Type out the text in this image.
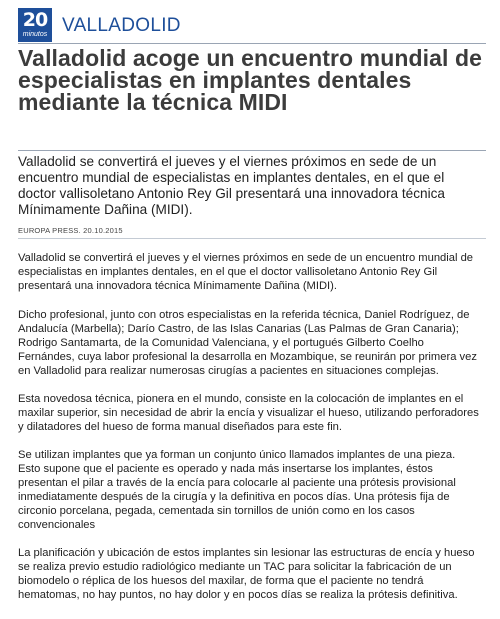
20
minutos VALLADOLID
Valladolid acoge un encuentro mundial de especialistas en implantes dentales mediante la técnica MIDI

Valladolid se convertirá el jueves y el viernes próximos en sede de un encuentro mundial de especialistas en implantes dentales, en el que el doctor vallisoletano Antonio Rey Gil presentará una innovadora técnica Mínimamente Dañina (MIDI).

EUROPA PRESS. 20.10.2015

Valladolid se convertirá el jueves y el viernes próximos en sede de un encuentro mundial de especialistas en implantes dentales, en el que el doctor vallisoletano Antonio Rey Gil presentará una innovadora técnica Mínimamente Dañina (MIDI).

Dicho profesional, junto con otros especialistas en la referida técnica, Daniel Rodríguez, de Andalucía (Marbella); Darío Castro, de las Islas Canarias (Las Palmas de Gran Canaria); Rodrigo Santamarta, de la Comunidad Valenciana, y el portugués Gilberto Coelho Fernándes, cuya labor profesional la desarrolla en Mozambique, se reunirán por primera vez en Valladolid para realizar numerosas cirugías a pacientes en situaciones complejas.

Esta novedosa técnica, pionera en el mundo, consiste en la colocación de implantes en el maxilar superior, sin necesidad de abrir la encía y visualizar el hueso, utilizando perforadores y dilatadores del hueso de forma manual diseñados para este fin.

Se utilizan implantes que ya forman un conjunto único llamados implantes de una pieza. Esto supone que el paciente es operado y nada más insertarse los implantes, éstos presentan el pilar a través de la encía para colocarle al paciente una prótesis provisional inmediatamente después de la cirugía y la definitiva en pocos días. Una prótesis fija de circonio porcelana, pegada, cementada sin tornillos de unión como en los casos convencionales

La planificación y ubicación de estos implantes sin lesionar las estructuras de encía y hueso se realiza previo estudio radiológico mediante un TAC para solicitar la fabricación de un biomodelo o réplica de los huesos del maxilar, de forma que el paciente no tendrá hematomas, no hay puntos, no hay dolor y en pocos días se realiza la prótesis definitiva.
